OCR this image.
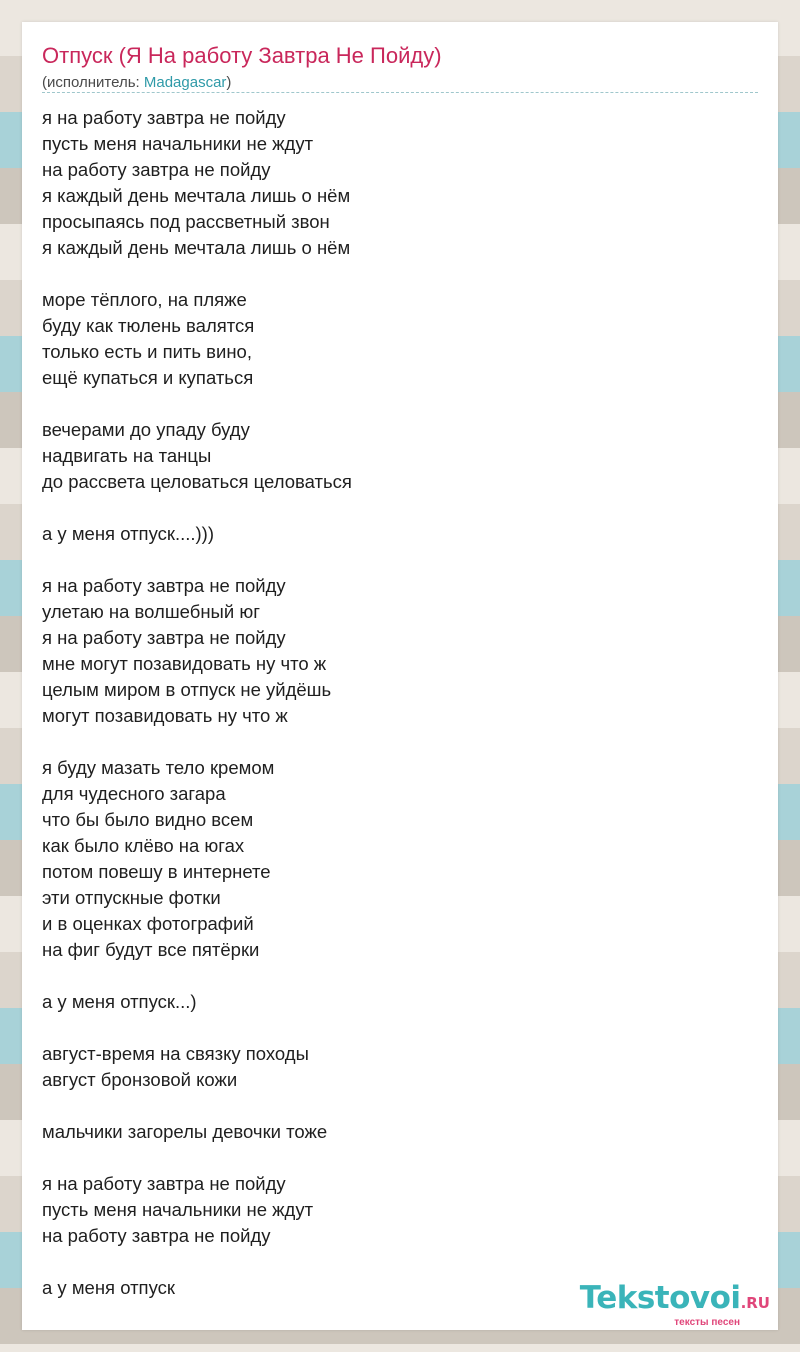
Отпуск (Я На работу Завтра Не Пойду)
(исполнитель: Madagascar)
я на работу завтра не пойду
пусть меня начальники не ждут
на работу завтра не пойду
я каждый день мечтала лишь о нём
просыпаясь под рассветный звон
я каждый день мечтала лишь о нём
море тёплого, на пляже
буду как тюлень валятся
только есть и пить вино,
ещё купаться и купаться
вечерами до упаду буду
надвигать на танцы
до рассвета целоваться целоваться
а у меня отпуск....)))
я на работу завтра не пойду
улетаю на волшебный юг
я на работу завтра не пойду
мне могут позавидовать ну что ж
целым миром в отпуск не уйдёшь
могут позавидовать ну что ж
я буду мазать тело кремом
для чудесного загара
что бы было видно всем
как было клёво на югах
потом повешу в интернете
эти отпускные фотки
и в оценках фотографий
на фиг будут все пятёрки
а у меня отпуск...)
август-время на связку походы
август бронзовой кожи
мальчики загорелы девочки тоже
я на работу завтра не пойду
пусть меня начальники не ждут
на работу завтра не пойду
а у меня отпуск	Tekstovoi.RU
тексты песен
